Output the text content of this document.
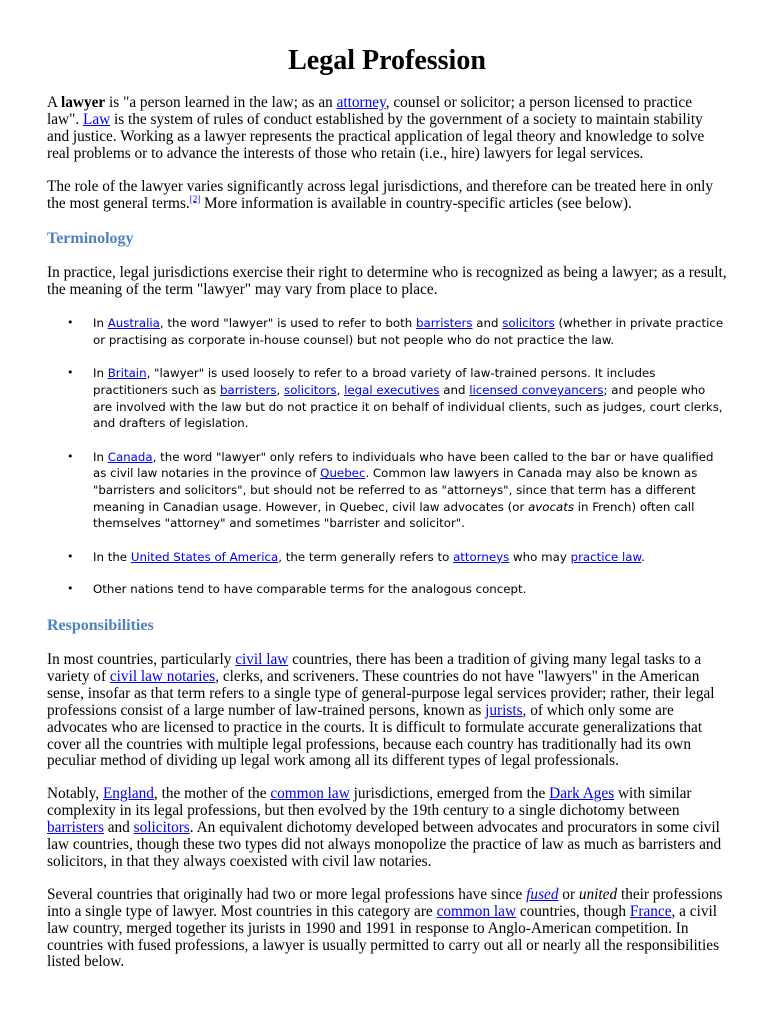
Legal Profession

A lawyer is "a person learned in the law; as an attorney, counsel or solicitor; a person licensed to practice law". Law is the system of rules of conduct established by the government of a society to maintain stability and justice. Working as a lawyer represents the practical application of legal theory and knowledge to solve real problems or to advance the interests of those who retain (i.e., hire) lawyers for legal services.

The role of the lawyer varies significantly across legal jurisdictions, and therefore can be treated here in only the most general terms.[2] More information is available in country-specific articles (see below).

Terminology

In practice, legal jurisdictions exercise their right to determine who is recognized as being a lawyer; as a result, the meaning of the term "lawyer" may vary from place to place.

• In Australia, the word "lawyer" is used to refer to both barristers and solicitors (whether in private practice or practising as corporate in-house counsel) but not people who do not practice the law.
• In Britain, "lawyer" is used loosely to refer to a broad variety of law-trained persons. It includes practitioners such as barristers, solicitors, legal executives and licensed conveyancers; and people who are involved with the law but do not practice it on behalf of individual clients, such as judges, court clerks, and drafters of legislation.
• In Canada, the word "lawyer" only refers to individuals who have been called to the bar or have qualified as civil law notaries in the province of Quebec. Common law lawyers in Canada may also be known as "barristers and solicitors", but should not be referred to as "attorneys", since that term has a different meaning in Canadian usage. However, in Quebec, civil law advocates (or avocats in French) often call themselves "attorney" and sometimes "barrister and solicitor".
• In the United States of America, the term generally refers to attorneys who may practice law.
• Other nations tend to have comparable terms for the analogous concept.
Responsibilities

In most countries, particularly civil law countries, there has been a tradition of giving many legal tasks to a variety of civil law notaries, clerks, and scriveners. These countries do not have "lawyers" in the American sense, insofar as that term refers to a single type of general-purpose legal services provider; rather, their legal professions consist of a large number of law-trained persons, known as jurists, of which only some are advocates who are licensed to practice in the courts. It is difficult to formulate accurate generalizations that cover all the countries with multiple legal professions, because each country has traditionally had its own peculiar method of dividing up legal work among all its different types of legal professionals.

Notably, England, the mother of the common law jurisdictions, emerged from the Dark Ages with similar complexity in its legal professions, but then evolved by the 19th century to a single dichotomy between barristers and solicitors. An equivalent dichotomy developed between advocates and procurators in some civil law countries, though these two types did not always monopolize the practice of law as much as barristers and solicitors, in that they always coexisted with civil law notaries.

Several countries that originally had two or more legal professions have since fused or united their professions into a single type of lawyer. Most countries in this category are common law countries, though France, a civil law country, merged together its jurists in 1990 and 1991 in response to Anglo-American competition. In countries with fused professions, a lawyer is usually permitted to carry out all or nearly all the responsibilities listed below.
